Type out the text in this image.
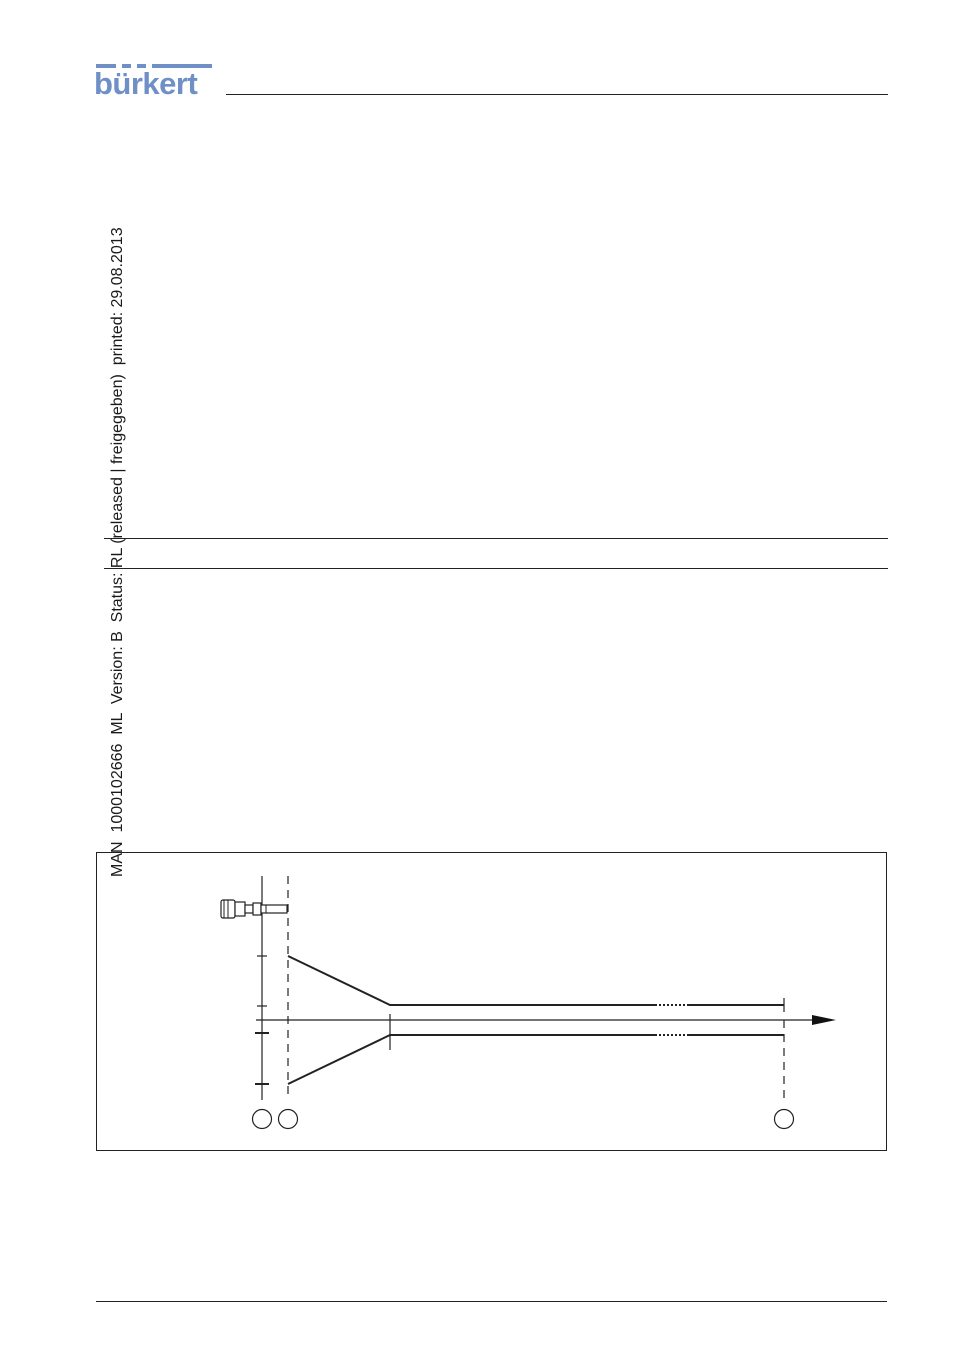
bürkert
MAN  1000102666  ML  Version: B  Status: RL (released | freigegeben)  printed: 29.08.2013
